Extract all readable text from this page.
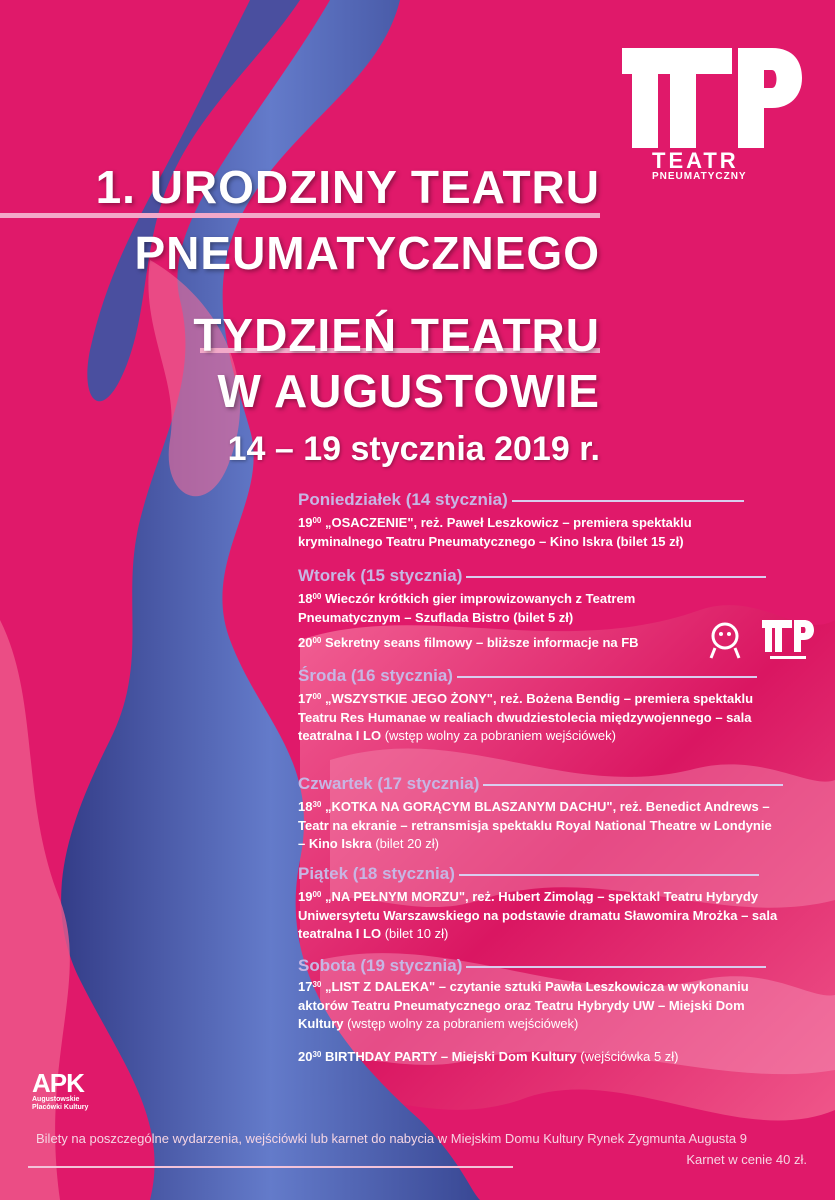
TEATR
PNEUMATYCZNY
1. URODZINY TEATRU
PNEUMATYCZNEGO
TYDZIEŃ TEATRU
W AUGUSTOWIE
14 – 19 stycznia 2019 r.
Poniedziałek (14 stycznia)
$19^{00}$ „OSACZENIE", reż. Paweł Leszkowicz – premiera spektaklu kryminalnego Teatru Pneumatycznego – Kino Iskra (bilet 15 zł)
Wtorek (15 stycznia)
$18^{00}$ Wieczór krótkich gier improwizowanych z Teatrem Pneumatycznym – Szuflada Bistro (bilet 5 zł)
$20^{00}$ Sekretny seans filmowy – bliższe informacje na FB
Środa (16 stycznia)
$17^{00}$ „WSZYSTKIE JEGO ŻONY", reż. Bożena Bendig – premiera spektaklu Teatru Res Humanae w realiach dwudziestolecia międzywojennego – sala teatralna I LO (wstęp wolny za pobraniem wejściówek)
Czwartek (17 stycznia)
$18^{30}$ „KOTKA NA GORĄCYM BLASZANYM DACHU", reż. Benedict Andrews – Teatr na ekranie – retransmisja spektaklu Royal National Theatre w Londynie – Kino Iskra (bilet 20 zł)
Piątek (18 stycznia)
$19^{00}$ „NA PEŁNYM MORZU", reż. Hubert Zimoląg – spektakl Teatru Hybrydy Uniwersytetu Warszawskiego na podstawie dramatu Sławomira Mrożka – sala teatralna I LO (bilet 10 zł)
Sobota (19 stycznia)
$17^{30}$ „LIST Z DALEKA" – czytanie sztuki Pawła Leszkowicza w wykonaniu aktorów Teatru Pneumatycznego oraz Teatru Hybrydy UW – Miejski Dom Kultury (wstęp wolny za pobraniem wejściówek)
$20^{30}$ BIRTHDAY PARTY – Miejski Dom Kultury (wejściówka 5 zł)
APK
Augustowskie
Placówki Kultury
Bilety na poszczególne wydarzenia, wejściówki lub karnet do nabycia w Miejskim Domu Kultury Rynek Zygmunta Augusta 9
Karnet w cenie 40 zł.
